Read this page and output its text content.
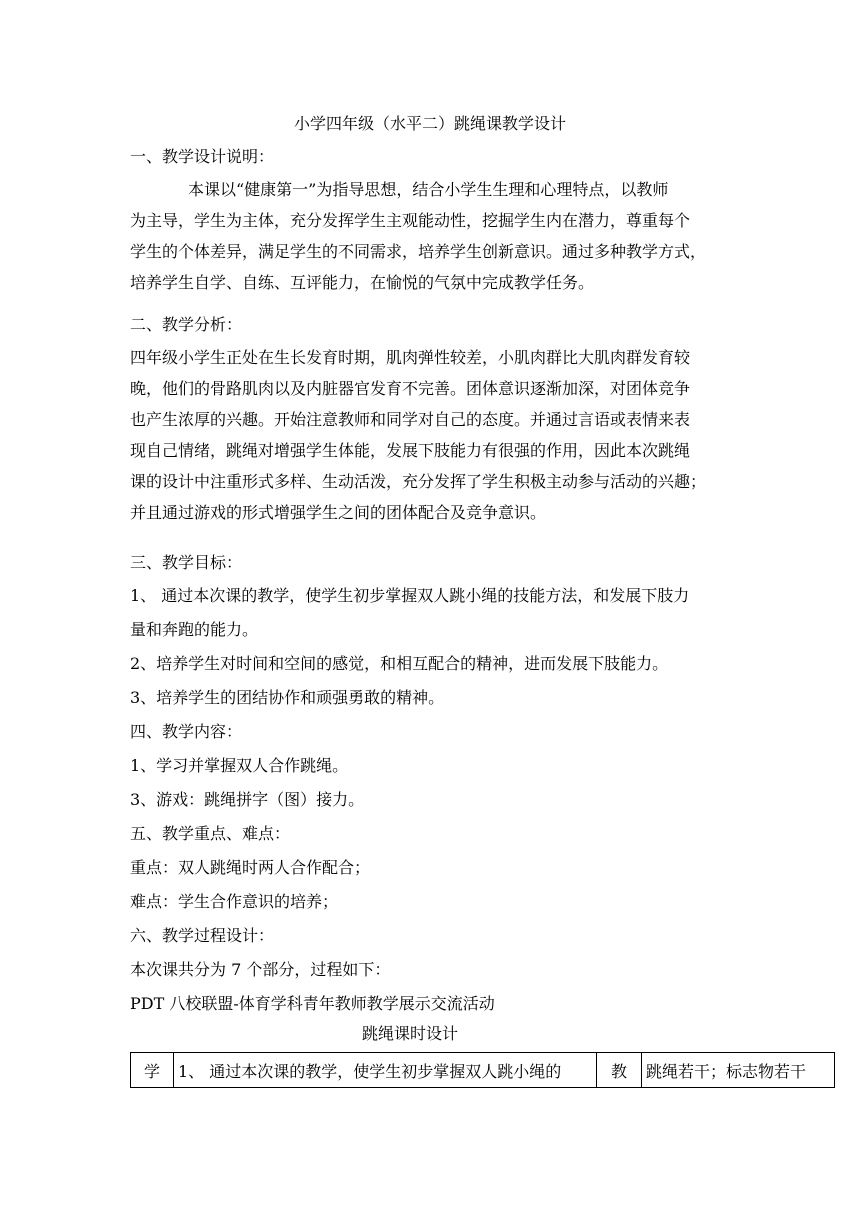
小学四年级（水平二）跳绳课教学设计
一、教学设计说明：
本课以“健康第一”为指导思想，结合小学生生理和心理特点，以教师
为主导，学生为主体，充分发挥学生主观能动性，挖掘学生内在潜力，尊重每个
学生的个体差异，满足学生的不同需求，培养学生创新意识。通过多种教学方式，
培养学生自学、自练、互评能力，在愉悦的气氛中完成教学任务。
二、教学分析：
四年级小学生正处在生长发育时期，肌肉弹性较差，小肌肉群比大肌肉群发育较
晚，他们的骨路肌肉以及内脏器官发育不完善。团体意识逐渐加深，对团体竞争
也产生浓厚的兴趣。开始注意教师和同学对自己的态度。并通过言语或表情来表
现自己情绪，跳绳对增强学生体能，发展下肢能力有很强的作用，因此本次跳绳
课的设计中注重形式多样、生动活泼，充分发挥了学生积极主动参与活动的兴趣；
并且通过游戏的形式增强学生之间的团体配合及竞争意识。
三、教学目标：
1、 通过本次课的教学，使学生初步掌握双人跳小绳的技能方法，和发展下肢力
量和奔跑的能力。
2、培养学生对时间和空间的感觉，和相互配合的精神，进而发展下肢能力。
3、培养学生的团结协作和顽强勇敢的精神。
四、教学内容：
1、学习并掌握双人合作跳绳。
3、游戏：跳绳拼字（图）接力。
五、教学重点、难点：
重点：双人跳绳时两人合作配合；
难点：学生合作意识的培养；
六、教学过程设计：
本次课共分为 7 个部分，过程如下：
PDT 八校联盟-体育学科青年教师教学展示交流活动
跳绳课时设计
学	1、 通过本次课的教学，使学生初步掌握双人跳小绳的	教	跳绳若干；标志物若干
